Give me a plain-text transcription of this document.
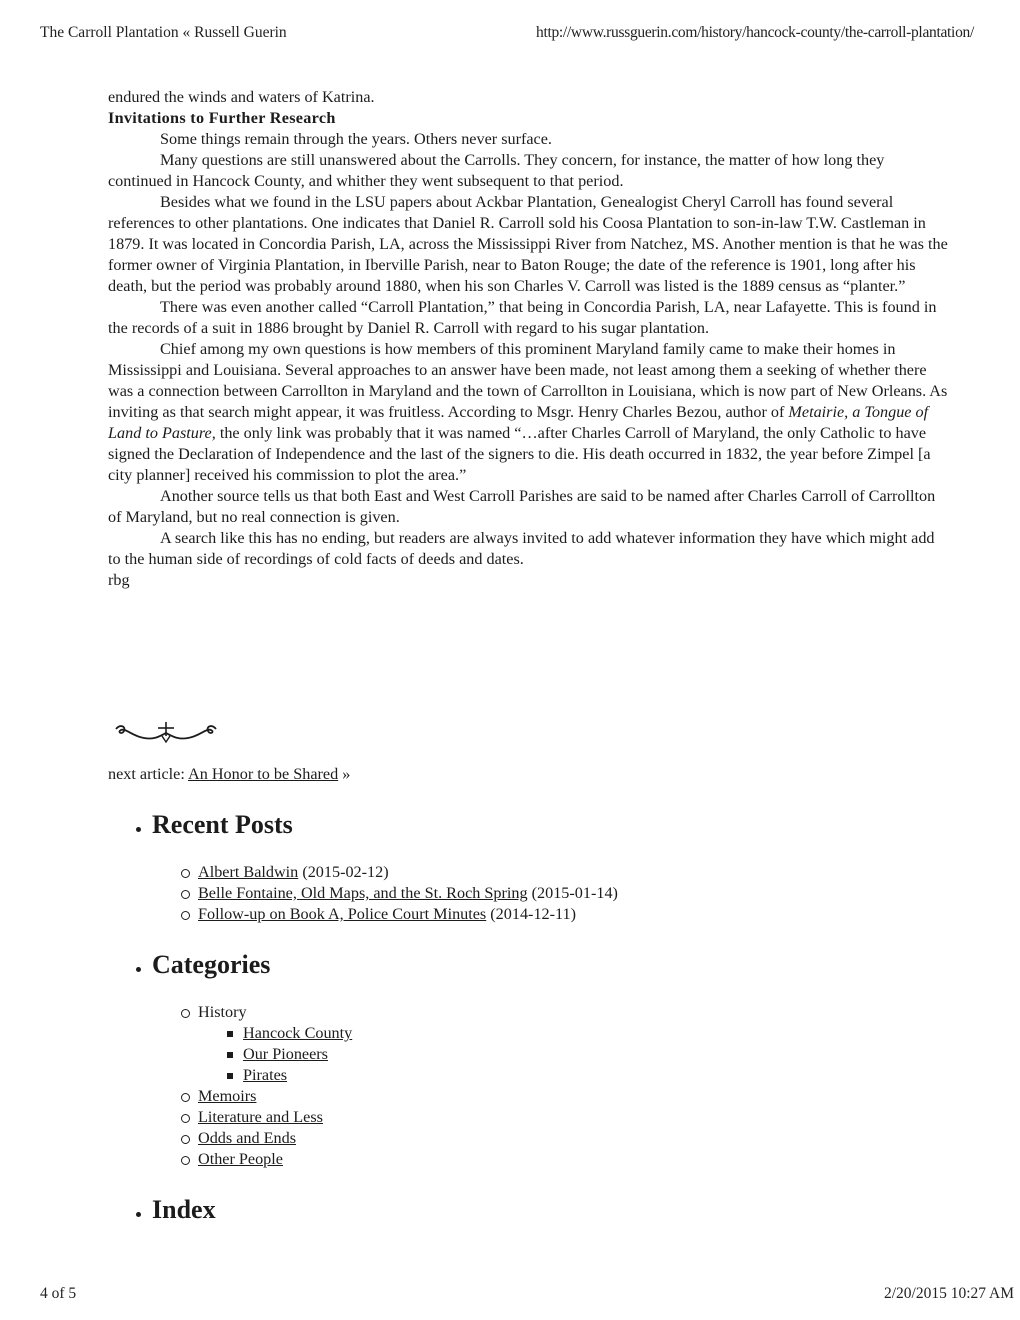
The Carroll Plantation « Russell Guerin	http://www.russguerin.com/history/hancock-county/the-carroll-plantation/

endured the winds and waters of Katrina.

Invitations to Further Research

Some things remain through the years. Others never surface.

Many questions are still unanswered about the Carrolls. They concern, for instance, the matter of how long they continued in Hancock County, and whither they went subsequent to that period.

Besides what we found in the LSU papers about Ackbar Plantation, Genealogist Cheryl Carroll has found several references to other plantations. One indicates that Daniel R. Carroll sold his Coosa Plantation to son-in-law T.W. Castleman in 1879. It was located in Concordia Parish, LA, across the Mississippi River from Natchez, MS. Another mention is that he was the former owner of Virginia Plantation, in Iberville Parish, near to Baton Rouge; the date of the reference is 1901, long after his death, but the period was probably around 1880, when his son Charles V. Carroll was listed is the 1889 census as “planter.”

There was even another called “Carroll Plantation,” that being in Concordia Parish, LA, near Lafayette. This is found in the records of a suit in 1886 brought by Daniel R. Carroll with regard to his sugar plantation.

Chief among my own questions is how members of this prominent Maryland family came to make their homes in Mississippi and Louisiana. Several approaches to an answer have been made, not least among them a seeking of whether there was a connection between Carrollton in Maryland and the town of Carrollton in Louisiana, which is now part of New Orleans. As inviting as that search might appear, it was fruitless. According to Msgr. Henry Charles Bezou, author of Metairie, a Tongue of Land to Pasture, the only link was probably that it was named “…after Charles Carroll of Maryland, the only Catholic to have signed the Declaration of Independence and the last of the signers to die. His death occurred in 1832, the year before Zimpel [a city planner] received his commission to plot the area.”

Another source tells us that both East and West Carroll Parishes are said to be named after Charles Carroll of Carrollton of Maryland, but no real connection is given.

A search like this has no ending, but readers are always invited to add whatever information they have which might add to the human side of recordings of cold facts of deeds and dates.

rbg

next article: An Honor to be Shared »
Recent Posts
Albert Baldwin (2015-02-12)
Belle Fontaine, Old Maps, and the St. Roch Spring (2015-01-14)
Follow-up on Book A, Police Court Minutes (2014-12-11)
Categories
History
Hancock County
Our Pioneers
Pirates
Memoirs
Literature and Less
Odds and Ends
Other People
Index
4 of 5	2/20/2015 10:27 AM
